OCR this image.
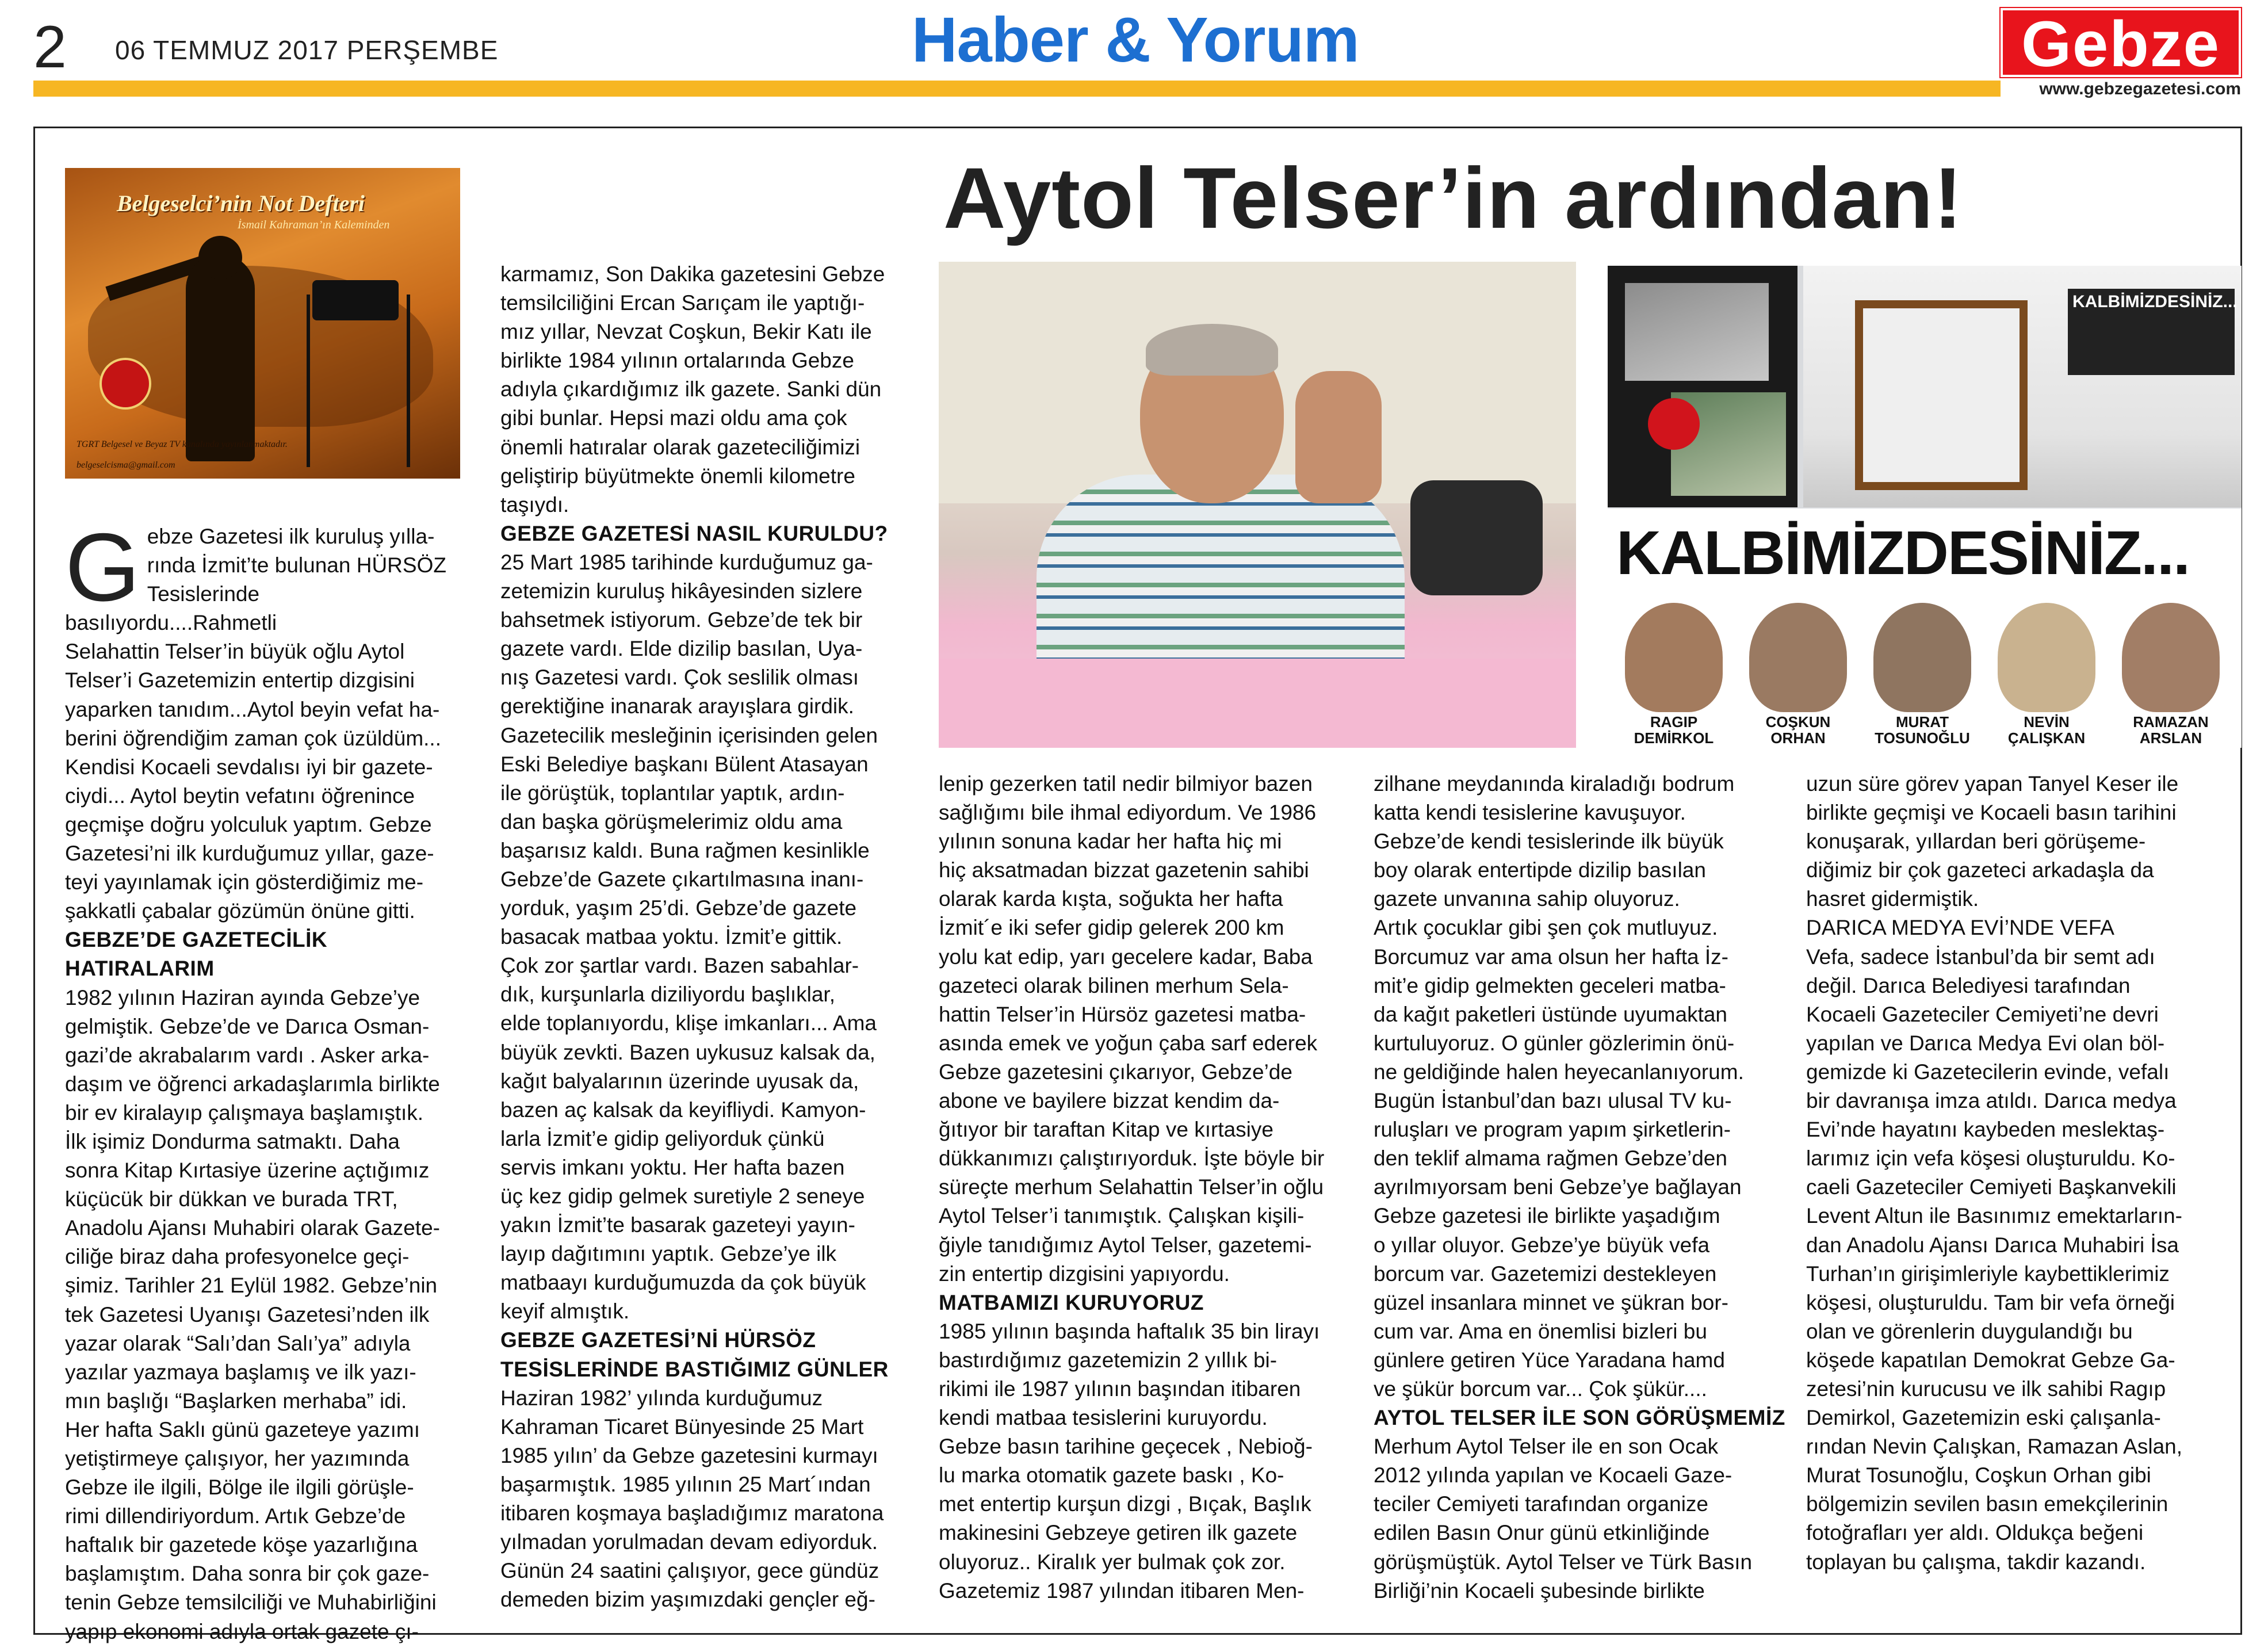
2 06 TEMMUZ 2017 PERŞEMBE	Haber & Yorum	Gebze
www.gebzegazetesi.com
Aytol Telser’in ardından!
Belgeselci’nin Not Defteri
İsmail Kahraman’ın Kaleminden
TGRT Belgesel ve Beyaz TV kanalında yayınlanmaktadır.
belgeselcisma@gmail.com
KALBİMİZDESİNİZ...
KALBİMİZDESİNİZ...
RAGIP
DEMİRKOL
COŞKUN
ORHAN
MURAT
TOSUNOĞLU
NEVİN
ÇALIŞKAN
RAMAZAN
ARSLAN
G ebze Gazetesi ilk kuruluş yılla-

rında İzmit’te bulunan HÜRSÖZ

Tesislerinde basılıyordu....Rahmetli

Selahattin Telser’in büyük oğlu Aytol

Telser’i Gazetemizin entertip dizgisini

yaparken tanıdım...Aytol beyin vefat ha-

berini öğrendiğim zaman çok üzüldüm...

Kendisi Kocaeli sevdalısı iyi bir gazete-

ciydi... Aytol beytin vefatını öğrenince

geçmişe doğru yolculuk yaptım. Gebze

Gazetesi’ni ilk kurduğumuz yıllar, gaze-

teyi yayınlamak için gösterdiğimiz me-

şakkatli çabalar gözümün önüne gitti.

GEBZE’DE GAZETECİLİK

HATIRALARIM

1982 yılının Haziran ayında Gebze’ye

gelmiştik. Gebze’de ve Darıca Osman-

gazi’de akrabalarım vardı . Asker arka-

daşım ve öğrenci arkadaşlarımla birlikte

bir ev kiralayıp çalışmaya başlamıştık.

İlk işimiz Dondurma satmaktı. Daha

sonra Kitap Kırtasiye üzerine açtığımız

küçücük bir dükkan ve burada TRT,

Anadolu Ajansı Muhabiri olarak Gazete-

ciliğe biraz daha profesyonelce geçi-

şimiz. Tarihler 21 Eylül 1982. Gebze’nin

tek Gazetesi Uyanışı Gazetesi’nden ilk

yazar olarak “Salı’dan Salı’ya” adıyla

yazılar yazmaya başlamış ve ilk yazı-

mın başlığı “Başlarken merhaba” idi.

Her hafta Saklı günü gazeteye yazımı

yetiştirmeye çalışıyor, her yazımında

Gebze ile ilgili, Bölge ile ilgili görüşle-

rimi dillendiriyordum. Artık Gebze’de

haftalık bir gazetede köşe yazarlığına

başlamıştım. Daha sonra bir çok gaze-

tenin Gebze temsilciliği ve Muhabirliğini

yapıp ekonomi adıyla ortak gazete çı-

karmamız, Son Dakika gazetesini Gebze

temsilciliğini Ercan Sarıçam ile yaptığı-

mız yıllar, Nevzat Coşkun, Bekir Katı ile

birlikte 1984 yılının ortalarında Gebze

adıyla çıkardığımız ilk gazete. Sanki dün

gibi bunlar. Hepsi mazi oldu ama çok

önemli hatıralar olarak gazeteciliğimizi

geliştirip büyütmekte önemli kilometre

taşıydı.

GEBZE GAZETESİ NASIL KURULDU?

25 Mart 1985 tarihinde kurduğumuz ga-

zetemizin kuruluş hikâyesinden sizlere

bahsetmek istiyorum. Gebze’de tek bir

gazete vardı. Elde dizilip basılan, Uya-

nış Gazetesi vardı. Çok seslilik olması

gerektiğine inanarak arayışlara girdik.

Gazetecilik mesleğinin içerisinden gelen

Eski Belediye başkanı Bülent Atasayan

ile görüştük, toplantılar yaptık, ardın-

dan başka görüşmelerimiz oldu ama

başarısız kaldı. Buna rağmen kesinlikle

Gebze’de Gazete çıkartılmasına inanı-

yorduk, yaşım 25’di. Gebze’de gazete

basacak matbaa yoktu. İzmit’e gittik.

Çok zor şartlar vardı. Bazen sabahlar-

dık, kurşunlarla diziliyordu başlıklar,

elde toplanıyordu, klişe imkanları... Ama

büyük zevkti. Bazen uykusuz kalsak da,

kağıt balyalarının üzerinde uyusak da,

bazen aç kalsak da keyifliydi. Kamyon-

larla İzmit’e gidip geliyorduk çünkü

servis imkanı yoktu. Her hafta bazen

üç kez gidip gelmek suretiyle 2 seneye

yakın İzmit’te basarak gazeteyi yayın-

layıp dağıtımını yaptık. Gebze’ye ilk

matbaayı kurduğumuzda da çok büyük

keyif almıştık.

GEBZE GAZETESİ’Nİ HÜRSÖZ

TESİSLERİNDE BASTIĞIMIZ GÜNLER

Haziran 1982’ yılında kurduğumuz

Kahraman Ticaret Bünyesinde 25 Mart

1985 yılın’ da Gebze gazetesini kurmayı

başarmıştık. 1985 yılının 25 Mart´ından

itibaren koşmaya başladığımız maratona

yılmadan yorulmadan devam ediyorduk.

Günün 24 saatini çalışıyor, gece gündüz

demeden bizim yaşımızdaki gençler eğ-

lenip gezerken tatil nedir bilmiyor bazen

sağlığımı bile ihmal ediyordum. Ve 1986

yılının sonuna kadar her hafta hiç mi

hiç aksatmadan bizzat gazetenin sahibi

olarak karda kışta, soğukta her hafta

İzmit´e iki sefer gidip gelerek 200 km

yolu kat edip, yarı gecelere kadar, Baba

gazeteci olarak bilinen merhum Sela-

hattin Telser’in Hürsöz gazetesi matba-

asında emek ve yoğun çaba sarf ederek

Gebze gazetesini çıkarıyor, Gebze’de

abone ve bayilere bizzat kendim da-

ğıtıyor bir taraftan Kitap ve kırtasiye

dükkanımızı çalıştırıyorduk. İşte böyle bir

süreçte merhum Selahattin Telser’in oğlu

Aytol Telser’i tanımıştık. Çalışkan kişili-

ğiyle tanıdığımız Aytol Telser, gazetemi-

zin entertip dizgisini yapıyordu.

MATBAMIZI KURUYORUZ

1985 yılının başında haftalık 35 bin lirayı

bastırdığımız gazetemizin 2 yıllık bi-

rikimi ile 1987 yılının başından itibaren

kendi matbaa tesislerini kuruyordu.

Gebze basın tarihine geçecek , Nebioğ-

lu marka otomatik gazete baskı , Ko-

met entertip kurşun dizgi , Bıçak, Başlık

makinesini Gebzeye getiren ilk gazete

oluyoruz.. Kiralık yer bulmak çok zor.

Gazetemiz 1987 yılından itibaren Men-

zilhane meydanında kiraladığı bodrum

katta kendi tesislerine kavuşuyor.

Gebze’de kendi tesislerinde ilk büyük

boy olarak entertipde dizilip basılan

gazete unvanına sahip oluyoruz.

Artık çocuklar gibi şen çok mutluyuz.

Borcumuz var ama olsun her hafta İz-

mit’e gidip gelmekten geceleri matba-

da kağıt paketleri üstünde uyumaktan

kurtuluyoruz. O günler gözlerimin önü-

ne geldiğinde halen heyecanlanıyorum.

Bugün İstanbul’dan bazı ulusal TV ku-

ruluşları ve program yapım şirketlerin-

den teklif almama rağmen Gebze’den

ayrılmıyorsam beni Gebze’ye bağlayan

Gebze gazetesi ile birlikte yaşadığım

o yıllar oluyor. Gebze’ye büyük vefa

borcum var. Gazetemizi destekleyen

güzel insanlara minnet ve şükran bor-

cum var. Ama en önemlisi bizleri bu

günlere getiren Yüce Yaradana hamd

ve şükür borcum var... Çok şükür....

AYTOL TELSER İLE SON GÖRÜŞMEMİZ

Merhum Aytol Telser ile en son Ocak

2012 yılında yapılan ve Kocaeli Gaze-

teciler Cemiyeti tarafından organize

edilen Basın Onur günü etkinliğinde

görüşmüştük. Aytol Telser ve Türk Basın

Birliği’nin Kocaeli şubesinde birlikte

uzun süre görev yapan Tanyel Keser ile

birlikte geçmişi ve Kocaeli basın tarihini

konuşarak, yıllardan beri görüşeme-

diğimiz bir çok gazeteci arkadaşla da

hasret gidermiştik.

DARICA MEDYA EVİ’NDE VEFA

Vefa, sadece İstanbul’da bir semt adı

değil. Darıca Belediyesi tarafından

Kocaeli Gazeteciler Cemiyeti’ne devri

yapılan ve Darıca Medya Evi olan böl-

gemizde ki Gazetecilerin evinde, vefalı

bir davranışa imza atıldı. Darıca medya

Evi’nde hayatını kaybeden meslektaş-

larımız için vefa köşesi oluşturuldu. Ko-

caeli Gazeteciler Cemiyeti Başkanvekili

Levent Altun ile Basınımız emektarların-

dan Anadolu Ajansı Darıca Muhabiri İsa

Turhan’ın girişimleriyle kaybettiklerimiz

köşesi, oluşturuldu. Tam bir vefa örneği

olan ve görenlerin duygulandığı bu

köşede kapatılan Demokrat Gebze Ga-

zetesi’nin kurucusu ve ilk sahibi Ragıp

Demirkol, Gazetemizin eski çalışanla-

rından Nevin Çalışkan, Ramazan Aslan,

Murat Tosunoğlu, Coşkun Orhan gibi

bölgemizin sevilen basın emekçilerinin

fotoğrafları yer aldı. Oldukça beğeni

toplayan bu çalışma, takdir kazandı.
